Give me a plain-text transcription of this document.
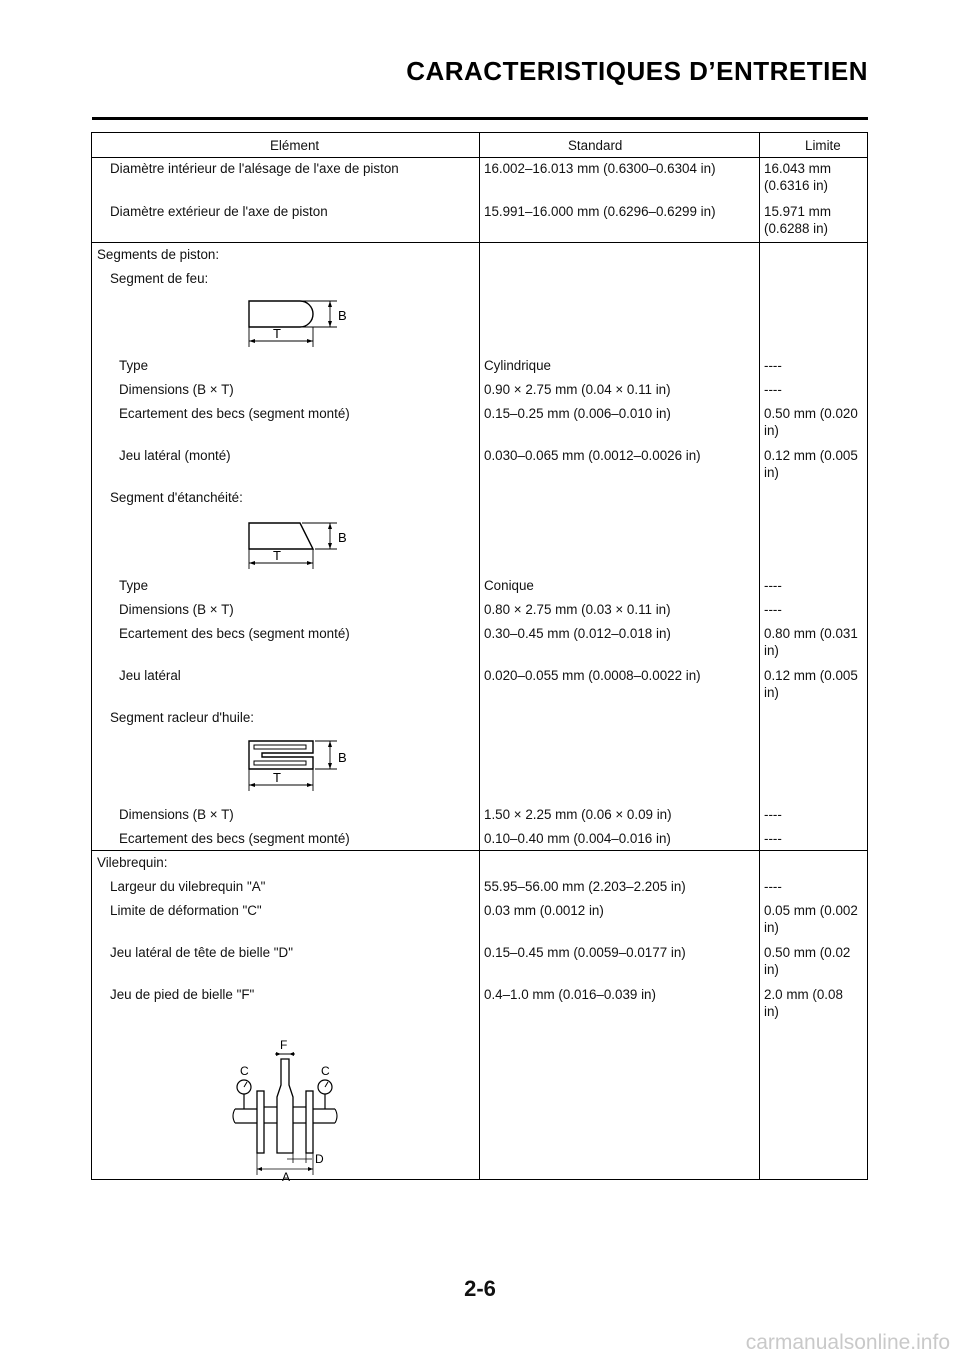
CARACTERISTIQUES D’ENTRETIEN
Elément	Standard	Limite
Diamètre intérieur de l'alésage de l'axe de piston	16.002–16.013 mm (0.6300–0.6304 in)	16.043 mm
(0.6316 in)
Diamètre extérieur de l'axe de piston	15.991–16.000 mm (0.6296–0.6299 in)	15.971 mm
(0.6288 in)
Segments de piston:
Segment de feu:
B
T
Type	Cylindrique	----
Dimensions (B × T)	0.90 × 2.75 mm (0.04 × 0.11 in)	----
Ecartement des becs (segment monté)	0.15–0.25 mm (0.006–0.010 in)	0.50 mm (0.020
in)
Jeu latéral (monté)	0.030–0.065 mm (0.0012–0.0026 in)	0.12 mm (0.005
in)
Segment d'étanchéité:
B
T
Type	Conique	----
Dimensions (B × T)	0.80 × 2.75 mm (0.03 × 0.11 in)	----
Ecartement des becs (segment monté)	0.30–0.45 mm (0.012–0.018 in)	0.80 mm (0.031
in)
Jeu latéral	0.020–0.055 mm (0.0008–0.0022 in)	0.12 mm (0.005
in)
Segment racleur d'huile:
B
T
Dimensions (B × T)	1.50 × 2.25 mm (0.06 × 0.09 in)	----
Ecartement des becs (segment monté)	0.10–0.40 mm (0.004–0.016 in)	----
Vilebrequin:
Largeur du vilebrequin "A"	55.95–56.00 mm (2.203–2.205 in)	----
Limite de déformation "C"	0.03 mm (0.0012 in)	0.05 mm (0.002
in)
Jeu latéral de tête de bielle "D"	0.15–0.45 mm (0.0059–0.0177 in)	0.50 mm (0.02
in)
Jeu de pied de bielle "F"	0.4–1.0 mm (0.016–0.039 in)	2.0 mm (0.08
in)
F
C	C
D
A
2-6
carmanualsonline.info
